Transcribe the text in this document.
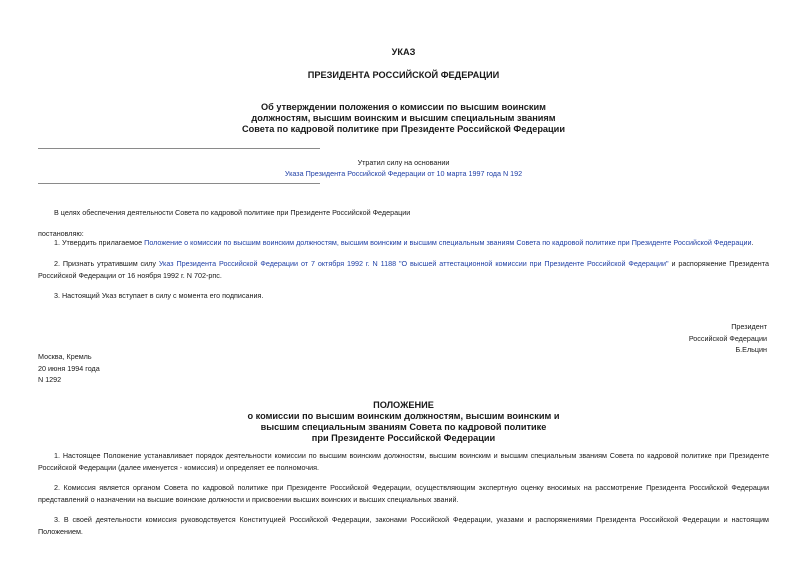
УКАЗ
ПРЕЗИДЕНТА РОССИЙСКОЙ ФЕДЕРАЦИИ
Об утверждении положения о комиссии по высшим воинским
должностям, высшим воинским и высшим специальным званиям
Совета по кадровой политике при Президенте Российской Федерации
Утратил силу на основании
Указа Президента Российской Федерации от 10 марта 1997 года N 192
В целях обеспечения деятельности Совета по кадровой политике при Президенте Российской Федерации
постановляю:
1. Утвердить прилагаемое Положение о комиссии по высшим воинским должностям, высшим воинским и высшим специальным званиям Совета по кадровой политике при Президенте Российской Федерации.
2. Признать утратившим силу Указ Президента Российской Федерации от 7 октября 1992 г. N 1188 "О высшей аттестационной комиссии при Президенте Российской Федерации" и распоряжение Президента Российской Федерации от 16 ноября 1992 г. N 702-рпс.
3. Настоящий Указ вступает в силу с момента его подписания.
Президент
Российской Федерации
Б.Ельцин
Москва, Кремль
20 июня 1994 года
N 1292
ПОЛОЖЕНИЕ
о комиссии по высшим воинским должностям, высшим воинским и
высшим специальным званиям Совета по кадровой политике
при Президенте Российской Федерации
1. Настоящее Положение устанавливает порядок деятельности комиссии по высшим воинским должностям, высшим воинским и высшим специальным званиям Совета по кадровой политике при Президенте Российской Федерации (далее именуется - комиссия) и определяет ее полномочия.
2. Комиссия является органом Совета по кадровой политике при Президенте Российской Федерации, осуществляющим экспертную оценку вносимых на рассмотрение Президента Российской Федерации представлений о назначении на высшие воинские должности и присвоении высших воинских и высших специальных званий.
3. В своей деятельности комиссия руководствуется Конституцией Российской Федерации, законами Российской Федерации, указами и распоряжениями Президента Российской Федерации и настоящим Положением.
